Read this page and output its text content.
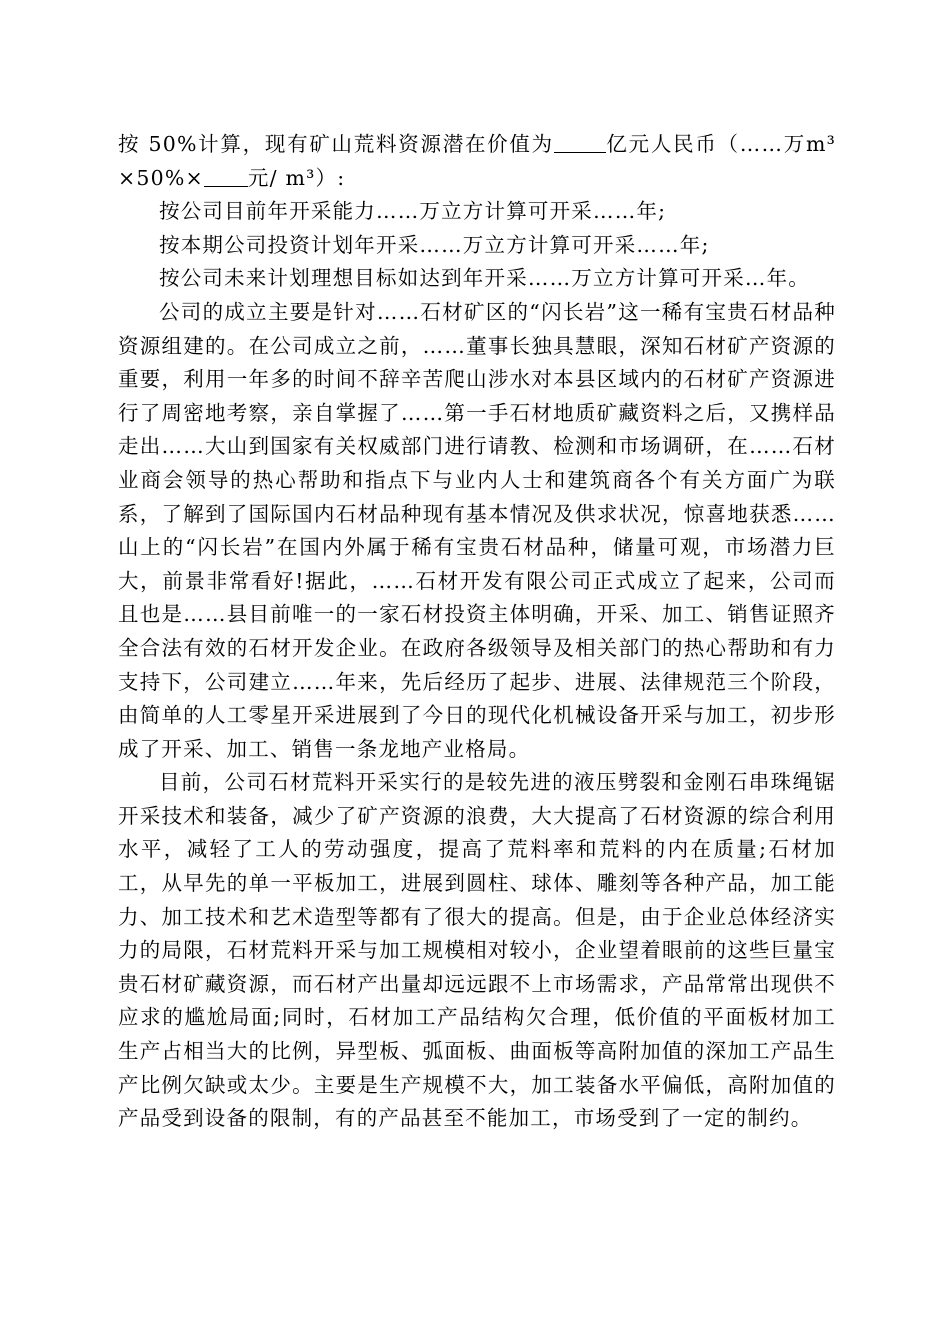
按 50%计算，现有矿山荒料资源潜在价值为	亿元人民币（……万m³×50%× 元/ m³）:

按公司目前年开采能力……万立方计算可开采……年;

按本期公司投资计划年开采……万立方计算可开采……年;

按公司未来计划理想目标如达到年开采……万立方计算可开采…年。

公司的成立主要是针对……石材矿区的“闪长岩”这一稀有宝贵石材品种资源组建的。在公司成立之前，……董事长独具慧眼，深知石材矿产资源的重要，利用一年多的时间不辞辛苦爬山涉水对本县区域内的石材矿产资源进行了周密地考察，亲自掌握了……第一手石材地质矿藏资料之后，又携样品走出……大山到国家有关权威部门进行请教、检测和市场调研，在……石材业商会领导的热心帮助和指点下与业内人士和建筑商各个有关方面广为联系，了解到了国际国内石材品种现有基本情况及供求状况，惊喜地获悉……山上的“闪长岩”在国内外属于稀有宝贵石材品种，储量可观，市场潜力巨大，前景非常看好!据此，……石材开发有限公司正式成立了起来，公司而且也是……县目前唯一的一家石材投资主体明确，开采、加工、销售证照齐全合法有效的石材开发企业。在政府各级领导及相关部门的热心帮助和有力支持下，公司建立……年来，先后经历了起步、进展、法律规范三个阶段，由简单的人工零星开采进展到了今日的现代化机械设备开采与加工，初步形成了开采、加工、销售一条龙地产业格局。

目前，公司石材荒料开采实行的是较先进的液压劈裂和金刚石串珠绳锯开采技术和装备，减少了矿产资源的浪费，大大提高了石材资源的综合利用水平，减轻了工人的劳动强度，提高了荒料率和荒料的内在质量;石材加工，从早先的单一平板加工，进展到圆柱、球体、雕刻等各种产品，加工能力、加工技术和艺术造型等都有了很大的提高。但是，由于企业总体经济实力的局限，石材荒料开采与加工规模相对较小，企业望着眼前的这些巨量宝贵石材矿藏资源，而石材产出量却远远跟不上市场需求，产品常常出现供不应求的尴尬局面;同时，石材加工产品结构欠合理，低价值的平面板材加工生产占相当大的比例，异型板、弧面板、曲面板等高附加值的深加工产品生产比例欠缺或太少。主要是生产规模不大，加工装备水平偏低，高附加值的产品受到设备的限制，有的产品甚至不能加工，市场受到了一定的制约。
